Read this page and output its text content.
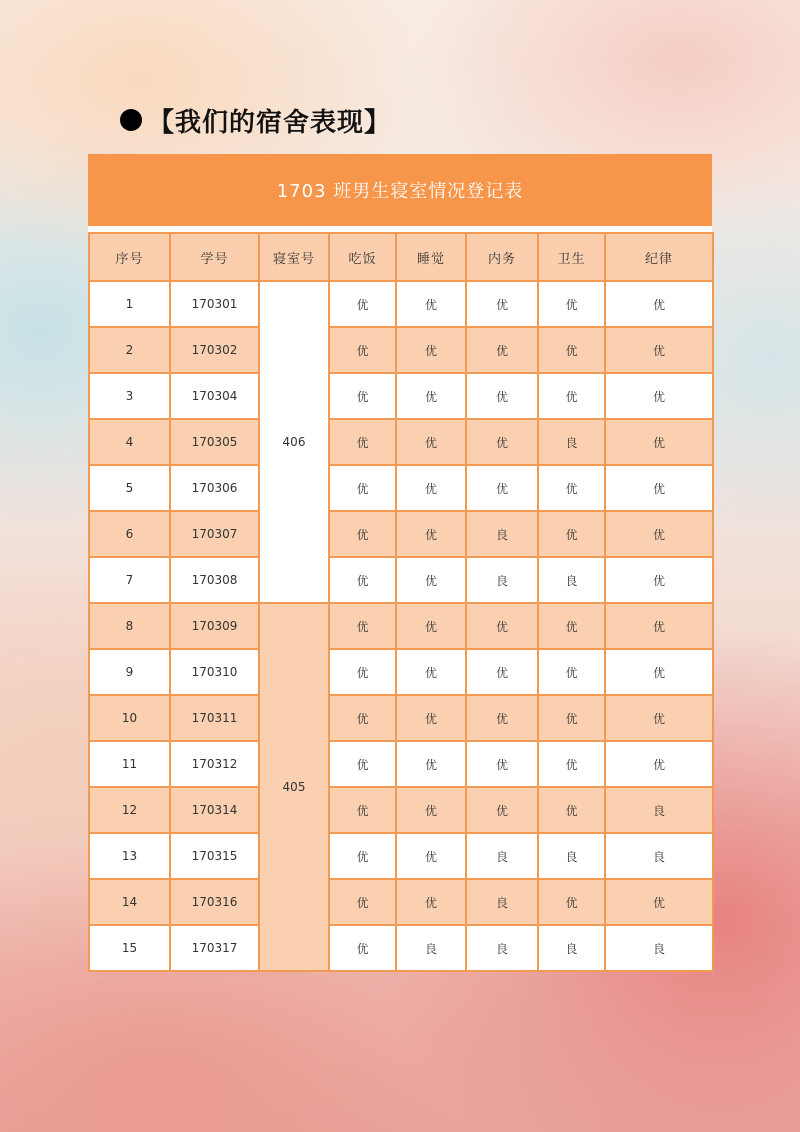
【我们的宿舍表现】
1703 班男生寝室情况登记表
序号	学号	寝室号	吃饭	睡觉	内务	卫生	纪律
1	170301	406	优	优	优	优	优
2	170302		优	优	优	优	优
3	170304		优	优	优	优	优
4	170305		优	优	优	良	优
5	170306		优	优	优	优	优
6	170307		优	优	良	优	优
7	170308		优	优	良	良	优
8	170309	405	优	优	优	优	优
9	170310		优	优	优	优	优
10	170311		优	优	优	优	优
11	170312		优	优	优	优	优
12	170314		优	优	优	优	良
13	170315		优	优	良	良	良
14	170316		优	优	良	优	优
15	170317		优	良	良	良	良
